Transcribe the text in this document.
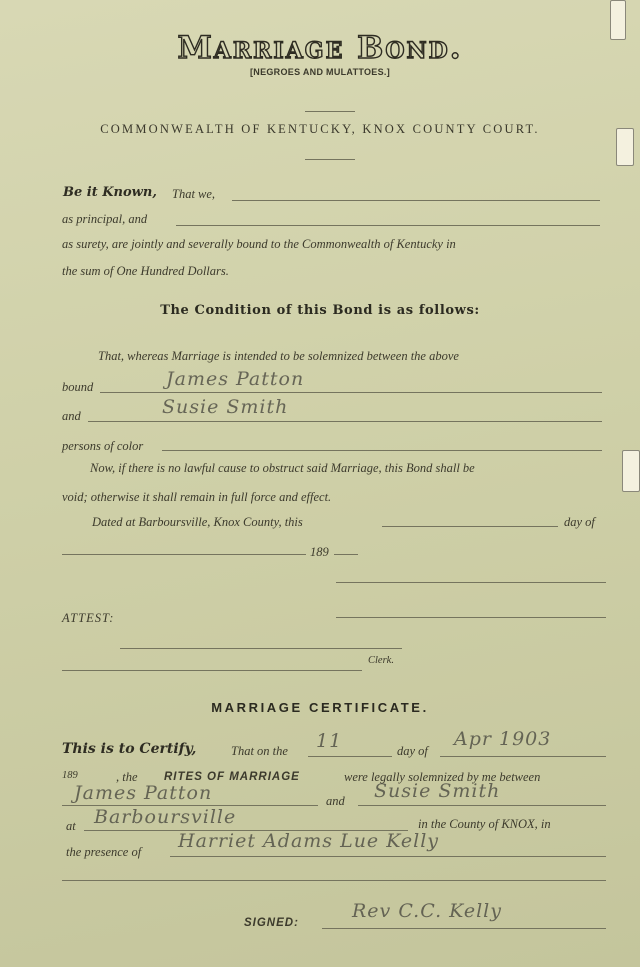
Marriage Bond.
[NEGROES AND MULATTOES.]
COMMONWEALTH OF KENTUCKY, KNOX COUNTY COURT.
Be it Known, That we,
as principal, and
as surety, are jointly and severally bound to the Commonwealth of Kentucky in
the sum of One Hundred Dollars.
The Condition of this Bond is as follows:
That, whereas Marriage is intended to be solemnized between the above
bound	James Patton
and	Susie Smith
persons of color
Now, if there is no lawful cause to obstruct said Marriage, this Bond shall be
void; otherwise it shall remain in full force and effect.
Dated at Barboursville, Knox County, this	day of
189
ATTEST:
Clerk.
MARRIAGE CERTIFICATE.
This is to Certify,	That on the 11	day of
Apr 1903
189	, the RITES OF MARRIAGE	were legally solemnized by me between
James Patton	and Susie Smith
at Barboursville	in the County of KNOX, in
the presence of Harriet Adams Lue Kelly
SIGNED:
Rev C.C. Kelly
